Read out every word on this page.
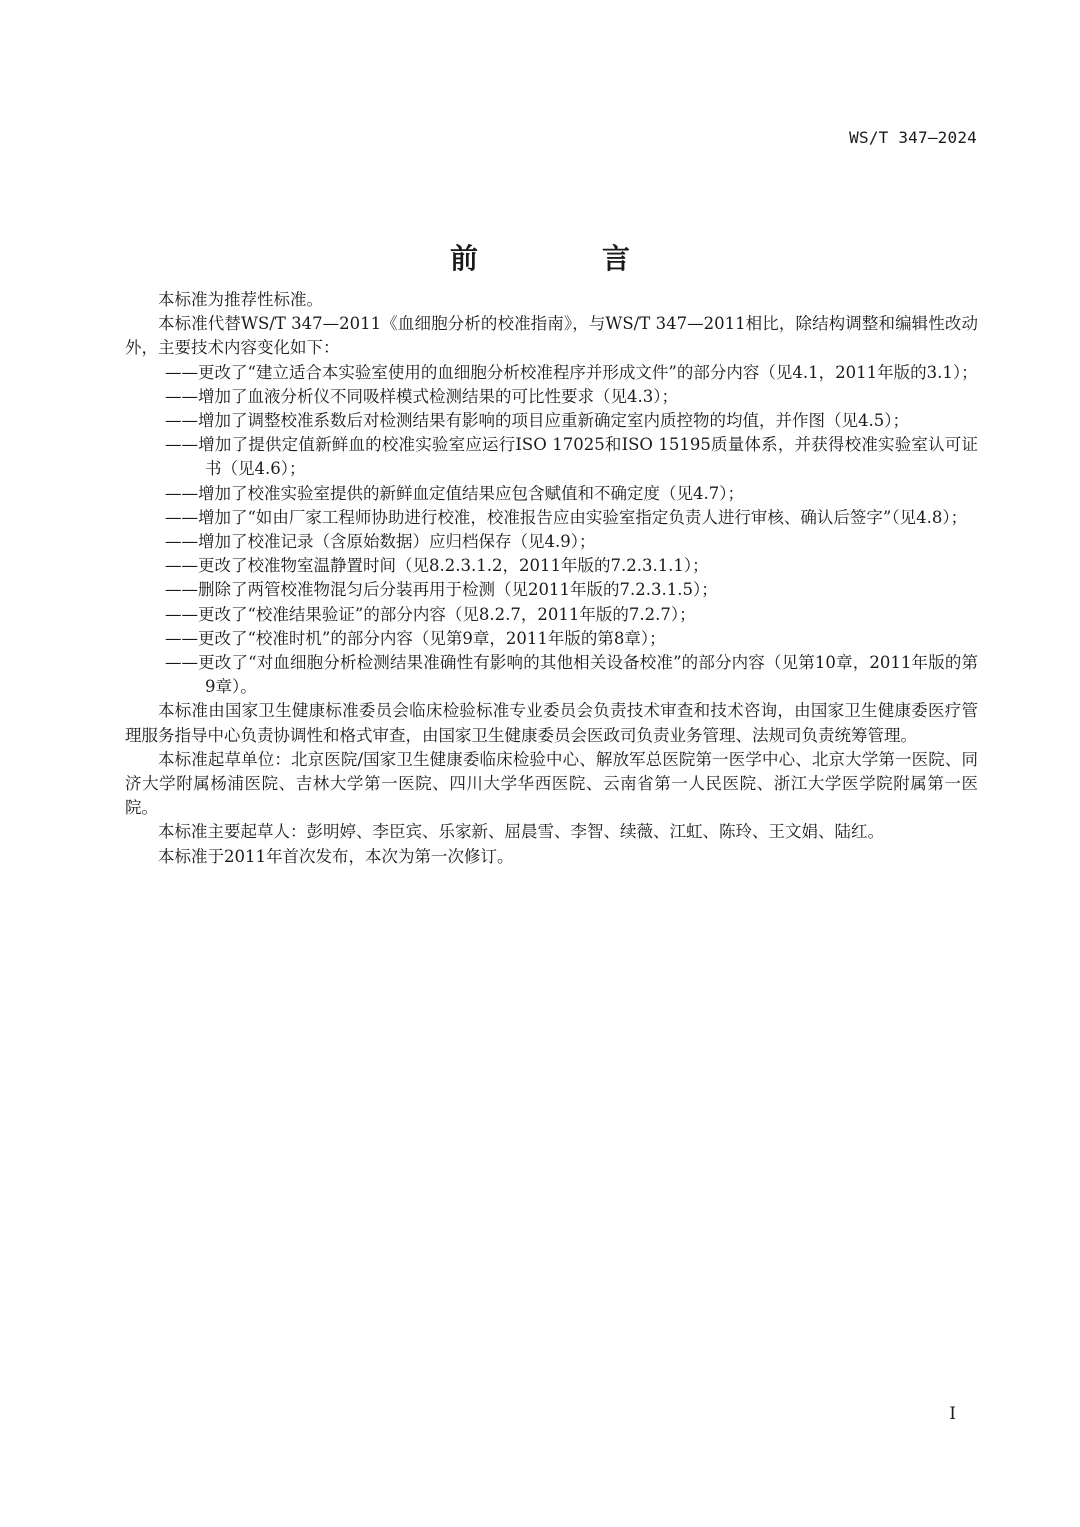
WS/T 347—2024
前　言

本标准为推荐性标准。

本标准代替WS/T 347—2011《血细胞分析的校准指南》，与WS/T 347—2011相比，除结构调整和编辑性改动外，主要技术内容变化如下：

——更改了“建立适合本实验室使用的血细胞分析校准程序并形成文件”的部分内容（见4.1，2011年版的3.1）；

——增加了血液分析仪不同吸样模式检测结果的可比性要求（见4.3）；

——增加了调整校准系数后对检测结果有影响的项目应重新确定室内质控物的均值，并作图（见4.5）；

——增加了提供定值新鲜血的校准实验室应运行ISO 17025和ISO 15195质量体系，并获得校准实验室认可证书（见4.6）；

——增加了校准实验室提供的新鲜血定值结果应包含赋值和不确定度（见4.7）；

——增加了“如由厂家工程师协助进行校准，校准报告应由实验室指定负责人进行审核、确认后签字”（见4.8）；

——增加了校准记录（含原始数据）应归档保存（见4.9）；

——更改了校准物室温静置时间（见8.2.3.1.2，2011年版的7.2.3.1.1）；

——删除了两管校准物混匀后分装再用于检测（见2011年版的7.2.3.1.5）；

——更改了“校准结果验证”的部分内容（见8.2.7，2011年版的7.2.7）；

——更改了“校准时机”的部分内容（见第9章，2011年版的第8章）；

——更改了“对血细胞分析检测结果准确性有影响的其他相关设备校准”的部分内容（见第10章，2011年版的第9章）。

本标准由国家卫生健康标准委员会临床检验标准专业委员会负责技术审查和技术咨询，由国家卫生健康委医疗管理服务指导中心负责协调性和格式审查，由国家卫生健康委员会医政司负责业务管理、法规司负责统筹管理。

本标准起草单位：北京医院/国家卫生健康委临床检验中心、解放军总医院第一医学中心、北京大学第一医院、同济大学附属杨浦医院、吉林大学第一医院、四川大学华西医院、云南省第一人民医院、浙江大学医学院附属第一医院。

本标准主要起草人：彭明婷、李臣宾、乐家新、屈晨雪、李智、续薇、江虹、陈玲、王文娟、陆红。

本标准于2011年首次发布，本次为第一次修订。

I
